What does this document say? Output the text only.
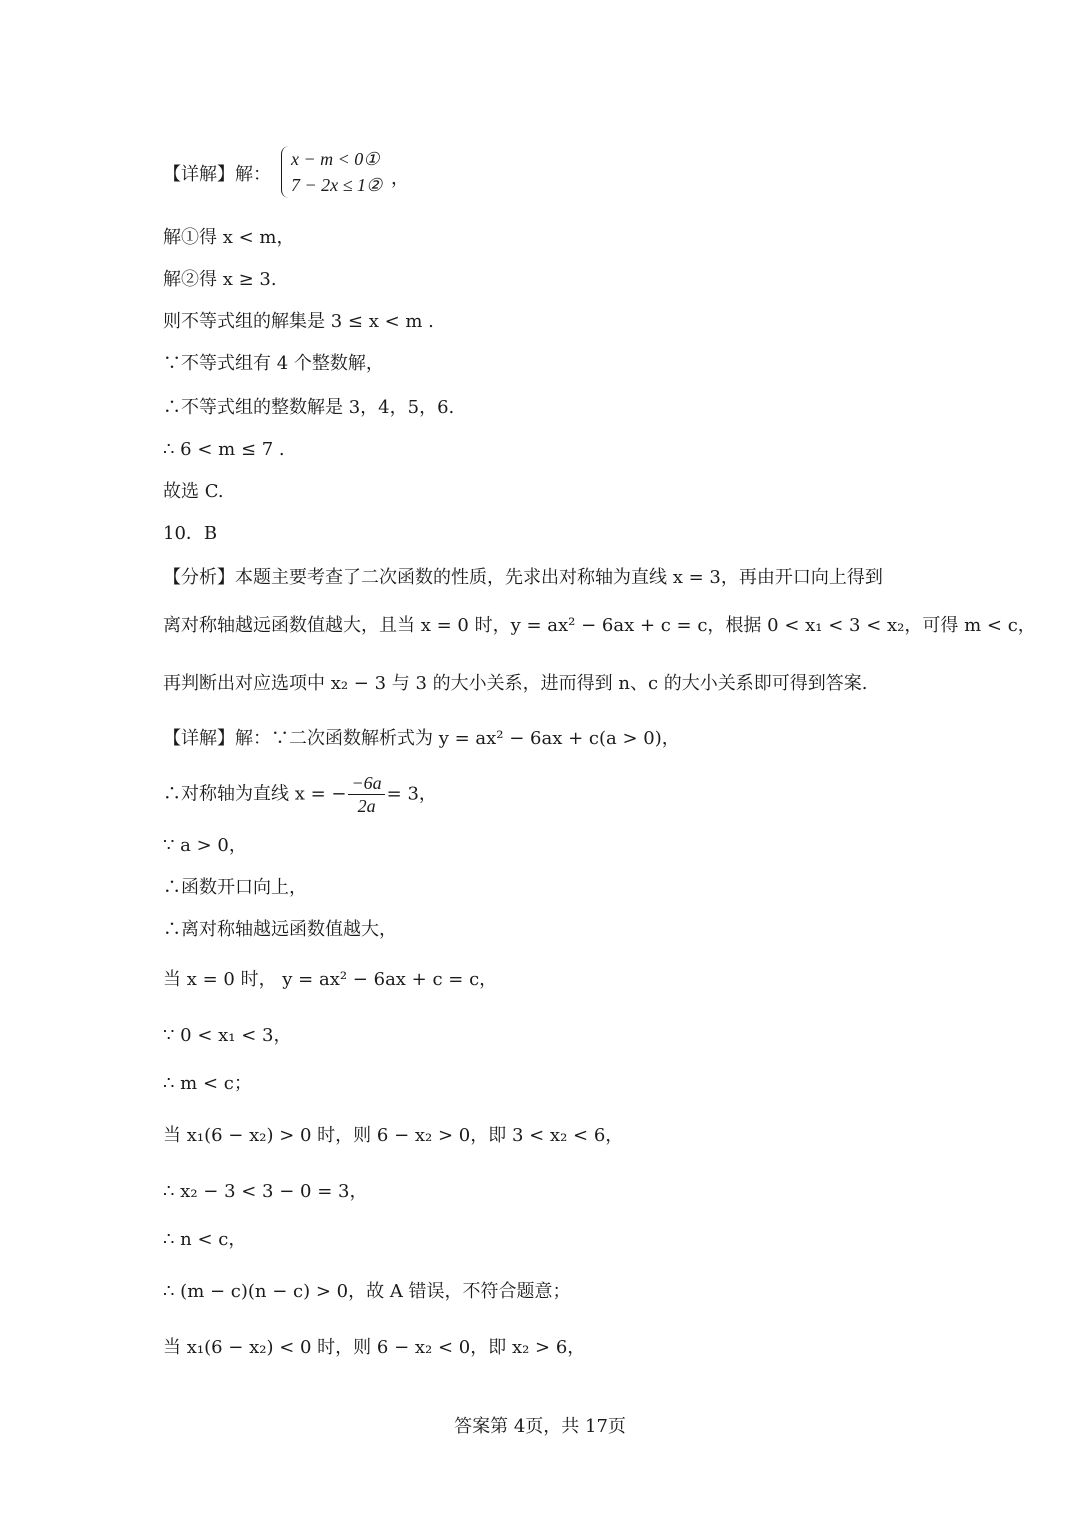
【详解】解：
x − m < 0①
7 − 2x ≤ 1② ，
解①得 x < m，
解②得 x ≥ 3.
则不等式组的解集是 3 ≤ x < m .
∵不等式组有 4 个整数解，
∴不等式组的整数解是 3，4，5，6.
∴ 6 < m ≤ 7 .
故选 C.
10．B
【分析】本题主要考查了二次函数的性质，先求出对称轴为直线 x = 3，再由开口向上得到
离对称轴越远函数值越大，且当 x = 0 时，y = ax² − 6ax + c = c，根据 0 < x₁ < 3 < x₂，可得 m < c，
再判断出对应选项中 x₂ − 3 与 3 的大小关系，进而得到 n、c 的大小关系即可得到答案.
【详解】解：∵二次函数解析式为 y = ax² − 6ax + c(a > 0)，
∴对称轴为直线 x = − $\frac{-6a}{2a} = 3$，
∵ a > 0，
∴函数开口向上，
∴离对称轴越远函数值越大，
当 x = 0 时， y = ax² − 6ax + c = c，
∵ 0 < x₁ < 3，
∴ m < c；
当 x₁(6 − x₂) > 0 时，则 6 − x₂ > 0，即 3 < x₂ < 6，
∴ x₂ − 3 < 3 − 0 = 3，
∴ n < c，
∴ (m − c)(n − c) > 0，故 A 错误，不符合题意；
当 x₁(6 − x₂) < 0 时，则 6 − x₂ < 0，即 x₂ > 6，
答案第 4页，共 17页
